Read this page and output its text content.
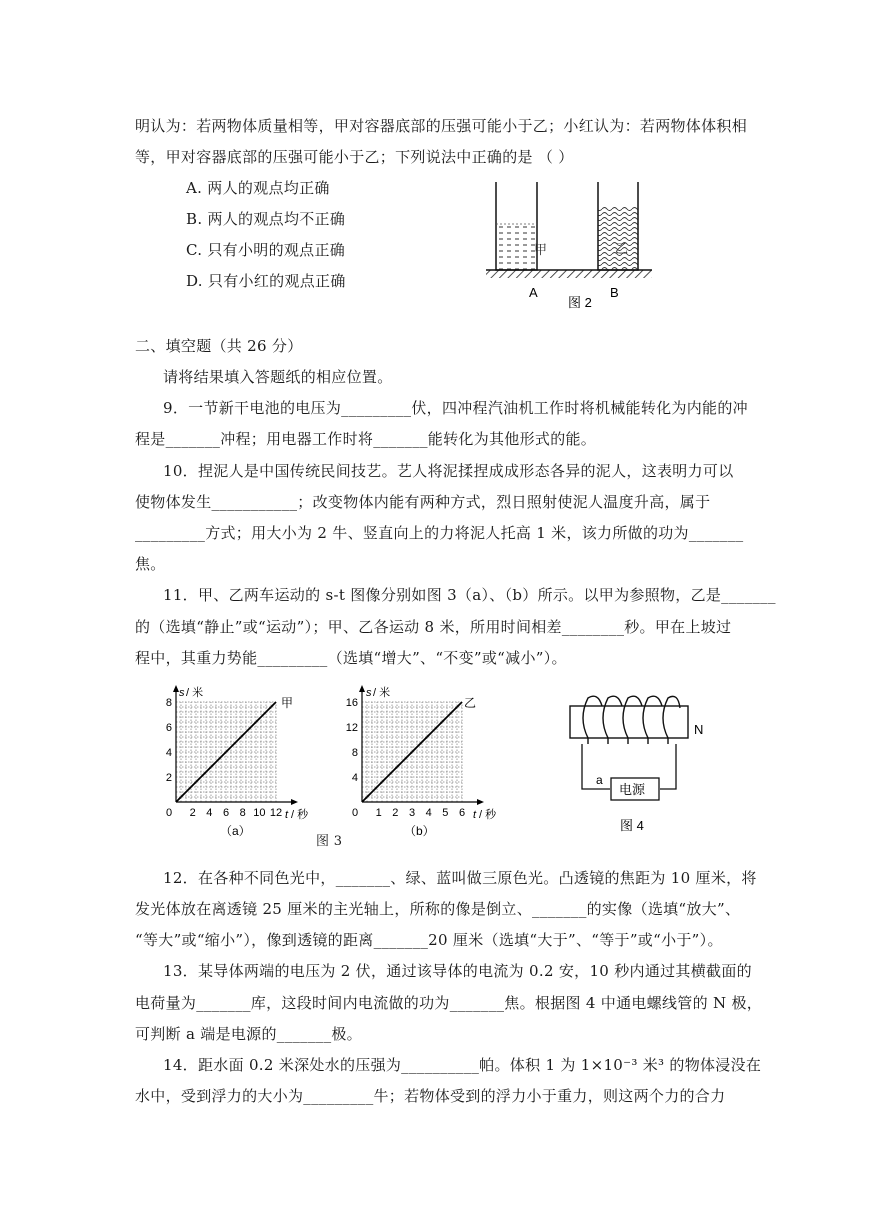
明认为：若两物体质量相等，甲对容器底部的压强可能小于乙；小红认为：若两物体体积相
等，甲对容器底部的压强可能小于乙；下列说法中正确的是 （ ）
A. 两人的观点均正确
B. 两人的观点均不正确
C. 只有小明的观点正确
D. 只有小红的观点正确
甲	乙
A	B
图 2
二、填空题（共 26 分）
请将结果填入答题纸的相应位置。
9．一节新干电池的电压为_________伏，四冲程汽油机工作时将机械能转化为内能的冲
程是_______冲程；用电器工作时将_______能转化为其他形式的能。
10．捏泥人是中国传统民间技艺。艺人将泥揉捏成成形态各异的泥人，这表明力可以
使物体发生___________；改变物体内能有两种方式，烈日照射使泥人温度升高，属于
_________方式；用大小为 2 牛、竖直向上的力将泥人托高 1 米，该力所做的功为_______
焦。
11．甲、乙两车运动的 s-t 图像分别如图 3（a）、（b）所示。以甲为参照物，乙是_______
的（选填“静止”或“运动”）；甲、乙各运动 8 米，所用时间相差________秒。甲在上坡过
程中，其重力势能_________（选填“增大”、“不变”或“减小”）。
s / 米
0
2
4
6
8
2 4 6 8 10 12
甲
t / 秒
（a）
s / 米
0
4
8
12
16
1 2 3 4 5 6
乙
t / 秒
（b）
图 3
N
电源
a
图 4
12．在各种不同色光中，_______、绿、蓝叫做三原色光。凸透镜的焦距为 10 厘米，将
发光体放在离透镜 25 厘米的主光轴上，所称的像是倒立、_______的实像（选填“放大”、
“等大”或“缩小”），像到透镜的距离_______20 厘米（选填“大于”、“等于”或“小于”）。
13．某导体两端的电压为 2 伏，通过该导体的电流为 0.2 安，10 秒内通过其横截面的
电荷量为_______库，这段时间内电流做的功为_______焦。根据图 4 中通电螺线管的 N 极，
可判断 a 端是电源的_______极。
14．距水面 0.2 米深处水的压强为__________帕。体积 1 为 1×10⁻³ 米³ 的物体浸没在
水中，受到浮力的大小为_________牛；若物体受到的浮力小于重力，则这两个力的合力
